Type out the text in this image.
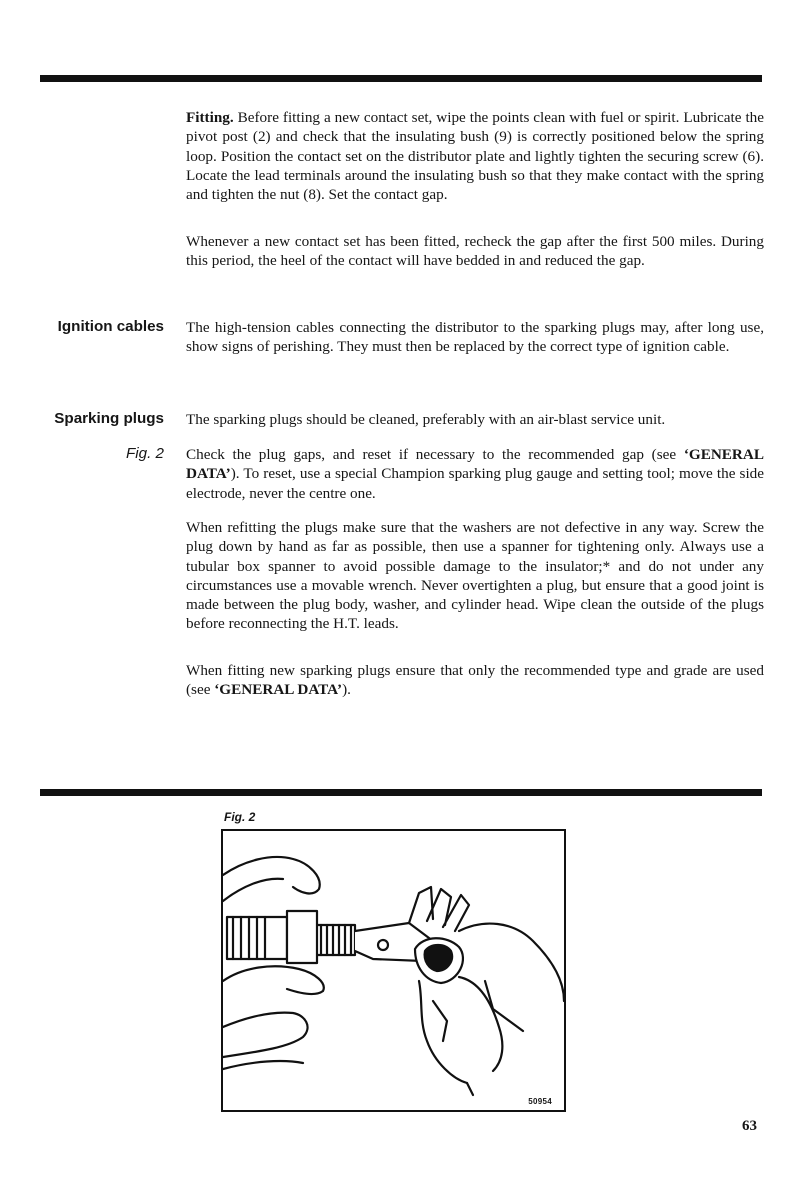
Fitting. Before fitting a new contact set, wipe the points clean with fuel or spirit. Lubricate the pivot post (2) and check that the insulating bush (9) is correctly positioned below the spring loop. Position the contact set on the distributor plate and lightly tighten the securing screw (6). Locate the lead terminals around the insulating bush so that they make contact with the spring and tighten the nut (8). Set the contact gap.

Whenever a new contact set has been fitted, recheck the gap after the first 500 miles. During this period, the heel of the contact will have bedded in and reduced the gap.

Ignition cables The high-tension cables connecting the distributor to the sparking plugs may, after long use, show signs of perishing. They must then be replaced by the correct type of ignition cable.

Sparking plugs The sparking plugs should be cleaned, preferably with an air-blast service unit.

Fig. 2 Check the plug gaps, and reset if necessary to the recommended gap (see ‘GENERAL DATA’). To reset, use a special Champion sparking plug gauge and setting tool; move the side electrode, never the centre one.

When refitting the plugs make sure that the washers are not defective in any way. Screw the plug down by hand as far as possible, then use a spanner for tightening only. Always use a tubular box spanner to avoid possible damage to the insulator;* and do not under any circumstances use a movable wrench. Never overtighten a plug, but ensure that a good joint is made between the plug body, washer, and cylinder head. Wipe clean the outside of the plugs before reconnecting the H.T. leads.

When fitting new sparking plugs ensure that only the recommended type and grade are used (see ‘GENERAL DATA’).

Fig. 2
50954
63
